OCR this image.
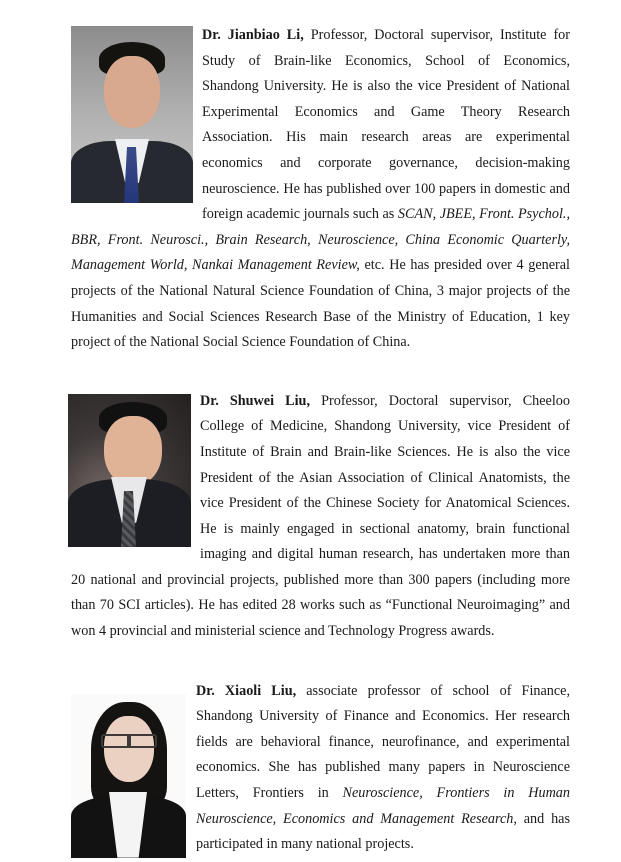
Dr. Jianbiao Li, Professor, Doctoral supervisor, Institute for Study of Brain-like Economics, School of Economics, Shandong University. He is also the vice President of National Experimental Economics and Game Theory Research Association. His main research areas are experimental economics and corporate governance, decision-making neuroscience. He has published over 100 papers in domestic and foreign academic journals such as SCAN, JBEE, Front. Psychol., BBR, Front. Neurosci., Brain Research, Neuroscience, China Economic Quarterly, Management World, Nankai Management Review, etc. He has presided over 4 general projects of the National Natural Science Foundation of China, 3 major projects of the Humanities and Social Sciences Research Base of the Ministry of Education, 1 key project of the National Social Science Foundation of China.
Dr. Shuwei Liu, Professor, Doctoral supervisor, Cheeloo College of Medicine, Shandong University, vice President of Institute of Brain and Brain-like Sciences. He is also the vice President of the Asian Association of Clinical Anatomists, the vice President of the Chinese Society for Anatomical Sciences. He is mainly engaged in sectional anatomy, brain functional imaging and digital human research, has undertaken more than 20 national and provincial projects, published more than 300 papers (including more than 70 SCI articles). He has edited 28 works such as “Functional Neuroimaging” and won 4 provincial and ministerial science and Technology Progress awards.
Dr. Xiaoli Liu, associate professor of school of Finance, Shandong University of Finance and Economics. Her research fields are behavioral finance, neurofinance, and experimental economics. She has published many papers in Neuroscience Letters, Frontiers in Neuroscience, Frontiers in Human Neuroscience, Economics and Management Research, and has participated in many national projects.
